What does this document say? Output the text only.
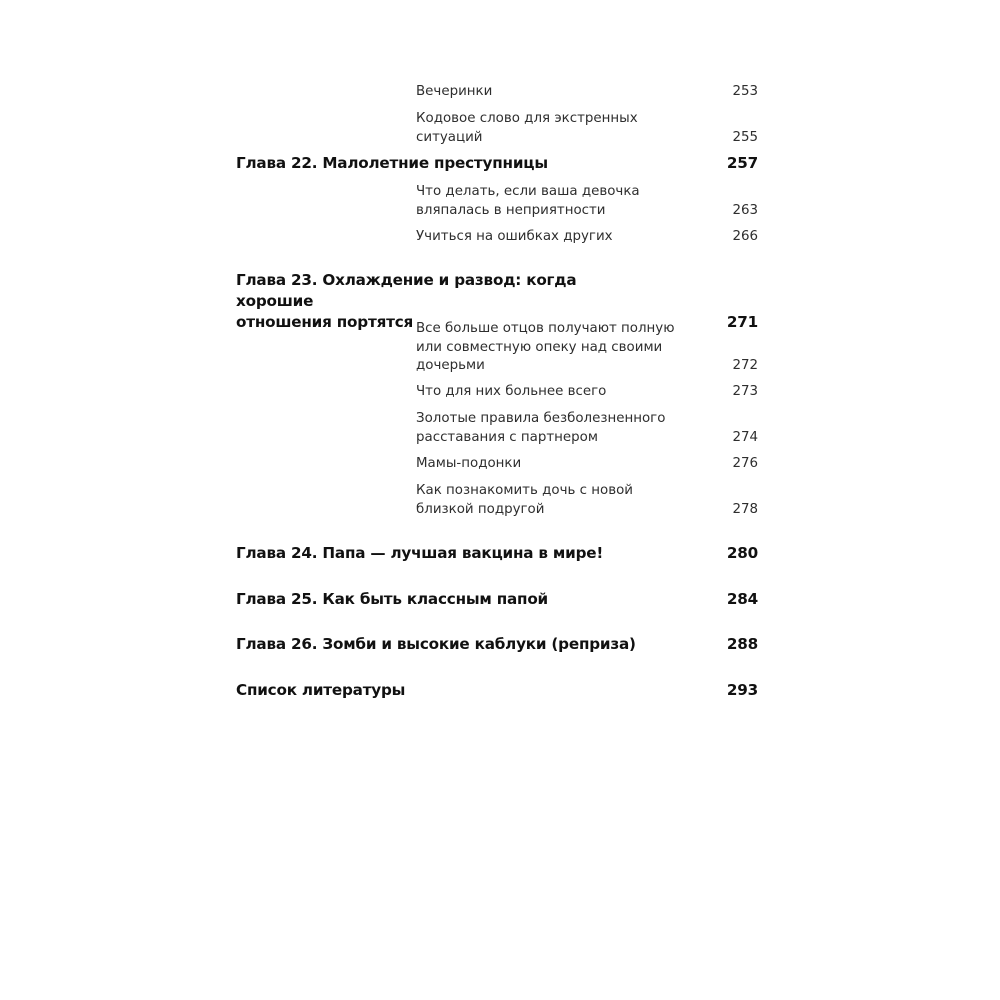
Вечеринки	253
Кодовое слово для экстренных ситуаций	255
Глава 22. Малолетние преступницы	257
Что делать, если ваша девочка
вляпалась в неприятности	263
Учиться на ошибках других	266
Глава 23. Охлаждение и развод: когда хорошие
отношения портятся	271
Все больше отцов получают полную
или совместную опеку над своими
дочерьми	272
Что для них больнее всего	273
Золотые правила безболезненного
расставания с партнером	274
Мамы-подонки	276
Как познакомить дочь с новой
близкой подругой	278
Глава 24. Папа — лучшая вакцина в мире!	280
Глава 25. Как быть классным папой	284
Глава 26. Зомби и высокие каблуки (репризa)	288
Список литературы	293
